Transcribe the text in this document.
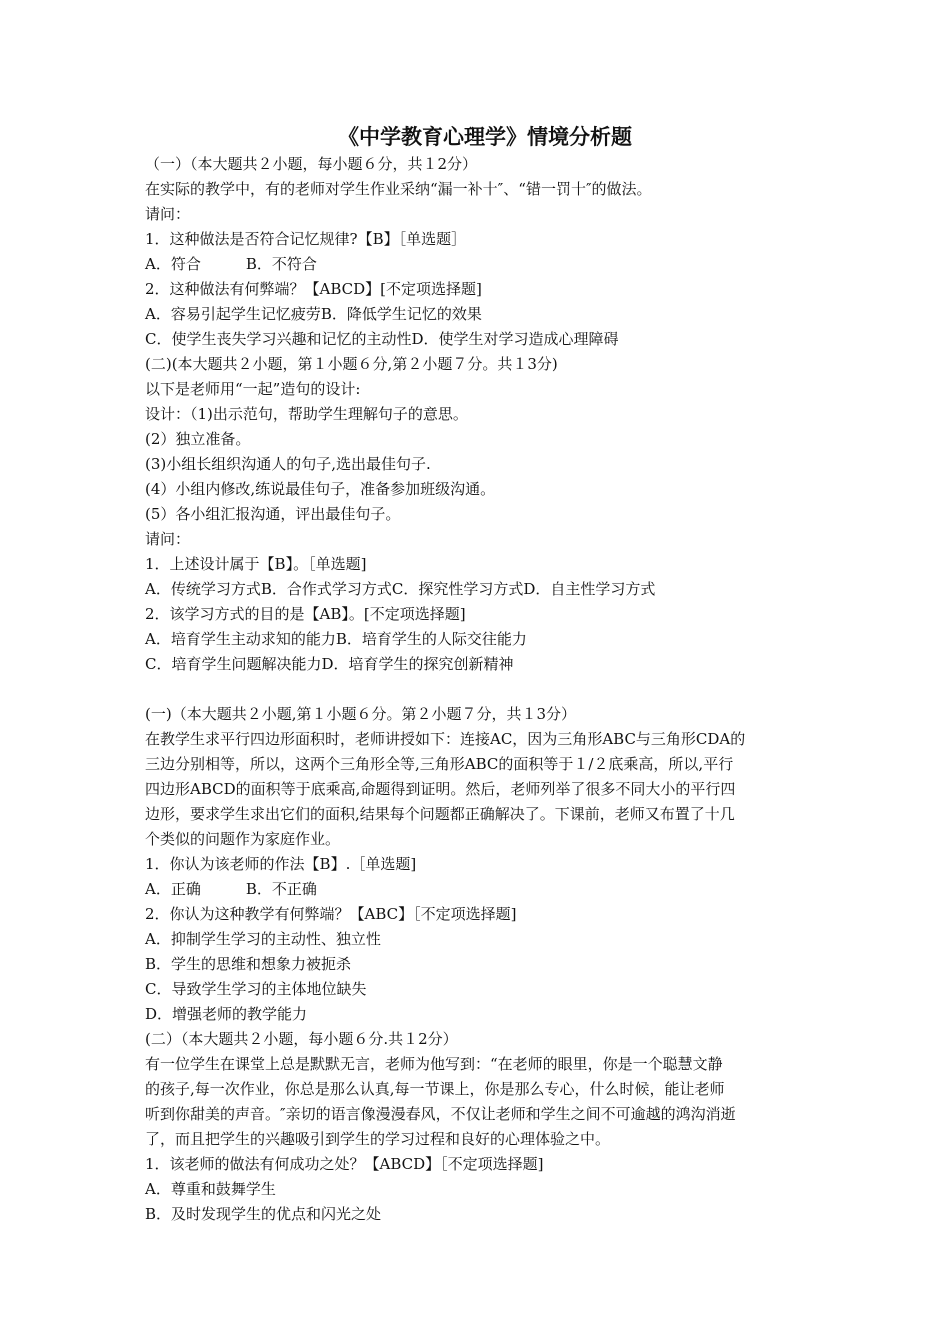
《中学教育心理学》情境分析题

（一）（本大题共２小题，每小题６分，共１2分）

在实际的教学中，有的老师对学生作业采纳“漏一补十″、“错一罚十″的做法。

请问：

1．这种做法是否符合记忆规律?【B】［单选题］

A．符合　　　B．不符合

2．这种做法有何弊端？【ABCD】[不定项选择题]

A．容易引起学生记忆疲劳B．降低学生记忆的效果

C．使学生丧失学习兴趣和记忆的主动性D．使学生对学习造成心理障碍

(二)(本大题共２小题，第１小题６分,第２小题７分。共１3分)

以下是老师用“一起”造句的设计:

设计：（1)出示范句，帮助学生理解句子的意思。

(2）独立准备。

(3)小组长组织沟通人的句子,选出最佳句子.

(4）小组内修改,练说最佳句子，准备参加班级沟通。

(5）各小组汇报沟通，评出最佳句子。

请问：

1．上述设计属于【B】。［单选题]

A．传统学习方式B．合作式学习方式C．探究性学习方式D．自主性学习方式

2．该学习方式的目的是【AB】。[不定项选择题]

A．培育学生主动求知的能力B．培育学生的人际交往能力

C．培育学生问题解决能力D．培育学生的探究创新精神

(一)（本大题共２小题,第１小题６分。第２小题７分，共１3分）

在教学生求平行四边形面积时，老师讲授如下：连接AC，因为三角形ABC与三角形CDA的

三边分别相等，所以，这两个三角形全等,三角形ABC的面积等于１/２底乘高，所以,平行

四边形ABCD的面积等于底乘高,命题得到证明。然后，老师列举了很多不同大小的平行四

边形，要求学生求出它们的面积,结果每个问题都正确解决了。下课前，老师又布置了十几

个类似的问题作为家庭作业。

1．你认为该老师的作法【B】.［单选题]

A．正确　　　B．不正确

2．你认为这种教学有何弊端？【ABC】［不定项选择题]

A．抑制学生学习的主动性、独立性

B．学生的思维和想象力被扼杀

C．导致学生学习的主体地位缺失

D．增强老师的教学能力

(二）（本大题共２小题，每小题６分.共１2分）

有一位学生在课堂上总是默默无言，老师为他写到：“在老师的眼里，你是一个聪慧文静

的孩子,每一次作业，你总是那么认真,每一节课上，你是那么专心，什么时候，能让老师

听到你甜美的声音。″亲切的语言像漫漫春风，不仅让老师和学生之间不可逾越的鸿沟消逝

了，而且把学生的兴趣吸引到学生的学习过程和良好的心理体验之中。

1．该老师的做法有何成功之处？【ABCD】［不定项选择题]

A．尊重和鼓舞学生

B．及时发现学生的优点和闪光之处
